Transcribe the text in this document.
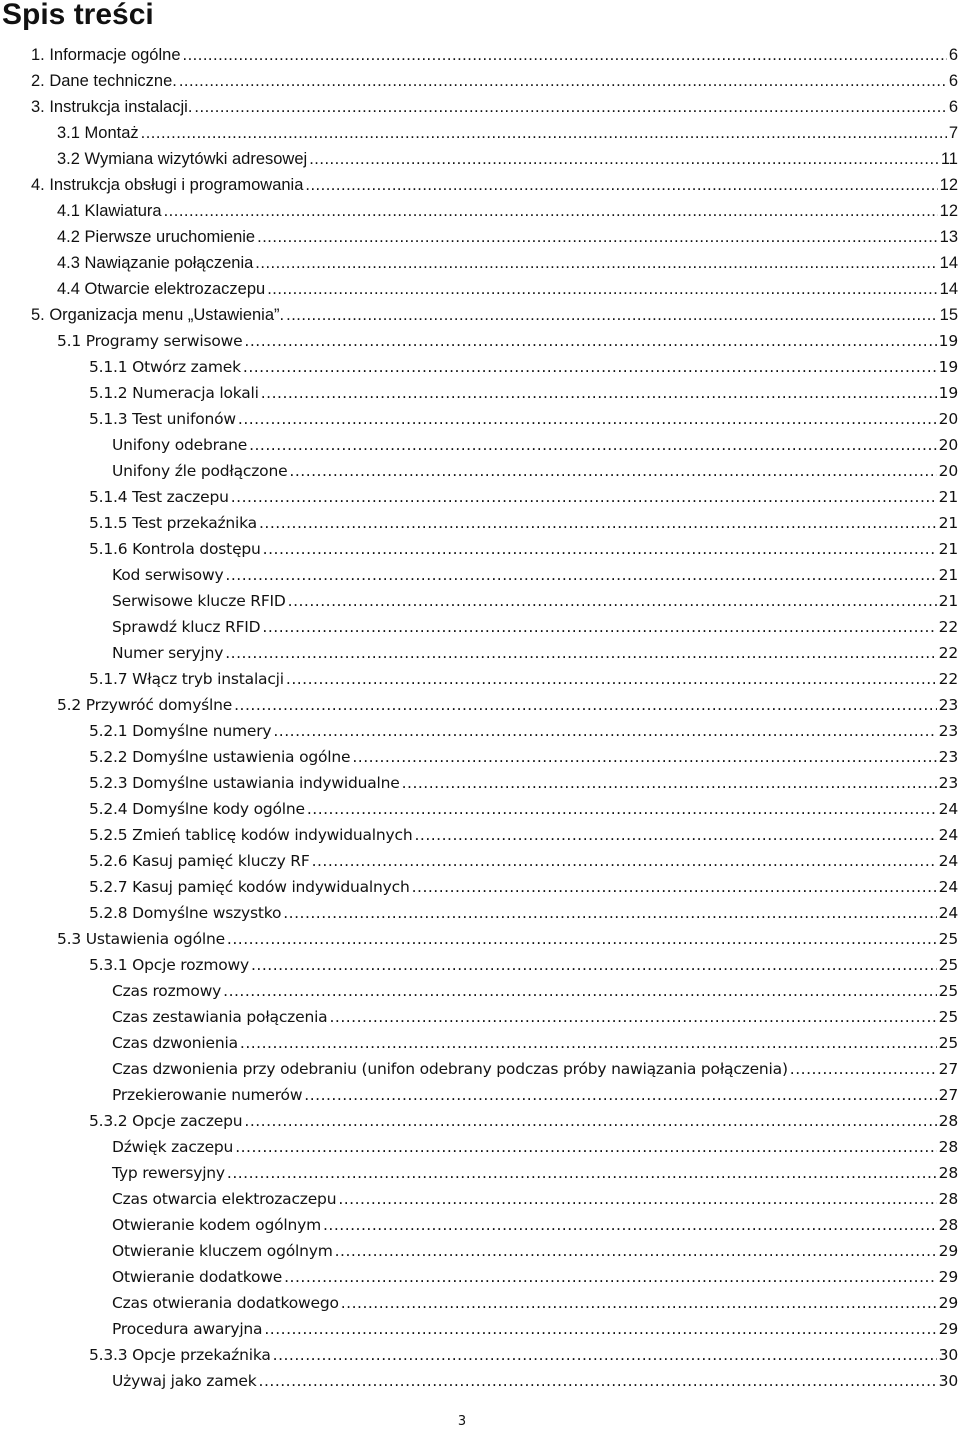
Spis treści
1. Informacje ogólne .....	6
2. Dane techniczne. .....	6
3. Instrukcja instalacji. .....	6
3.1 Montaż .....	7
3.2 Wymiana wizytówki adresowej .....	11
4. Instrukcja obsługi i programowania .....	12
4.1 Klawiatura .....	12
4.2 Pierwsze uruchomienie .....	13
4.3 Nawiązanie połączenia .....	14
4.4 Otwarcie elektrozaczepu .....	14
5. Organizacja menu „Ustawienia”. .....	15
5.1 Programy serwisowe .....	19
5.1.1 Otwórz zamek .....	19
5.1.2 Numeracja lokali .....	19
5.1.3 Test unifonów .....	20
Unifony odebrane .....	20
Unifony źle podłączone .....	20
5.1.4 Test zaczepu .....	21
5.1.5 Test przekaźnika .....	21
5.1.6 Kontrola dostępu .....	21
Kod serwisowy .....	21
Serwisowe klucze RFID .....	21
Sprawdź klucz RFID .....	22
Numer seryjny .....	22
5.1.7 Włącz tryb instalacji .....	22
5.2 Przywróć domyślne .....	23
5.2.1 Domyślne numery .....	23
5.2.2 Domyślne ustawienia ogólne .....	23
5.2.3 Domyślne ustawiania indywidualne .....	23
5.2.4 Domyślne kody ogólne .....	24
5.2.5 Zmień tablicę kodów indywidualnych .....	24
5.2.6 Kasuj pamięć kluczy RF .....	24
5.2.7 Kasuj pamięć kodów indywidualnych .....	24
5.2.8 Domyślne wszystko .....	24
5.3 Ustawienia ogólne .....	25
5.3.1 Opcje rozmowy .....	25
Czas rozmowy .....	25
Czas zestawiania połączenia .....	25
Czas dzwonienia .....	25
Czas dzwonienia przy odebraniu (unifon odebrany podczas próby nawiązania połączenia) .....	27
Przekierowanie numerów .....	27
5.3.2 Opcje zaczepu .....	28
Dźwięk zaczepu .....	28
Typ rewersyjny .....	28
Czas otwarcia elektrozaczepu .....	28
Otwieranie kodem ogólnym .....	28
Otwieranie kluczem ogólnym .....	29
Otwieranie dodatkowe .....	29
Czas otwierania dodatkowego .....	29
Procedura awaryjna .....	29
5.3.3 Opcje przekaźnika .....	30
Używaj jako zamek .....	30
3
